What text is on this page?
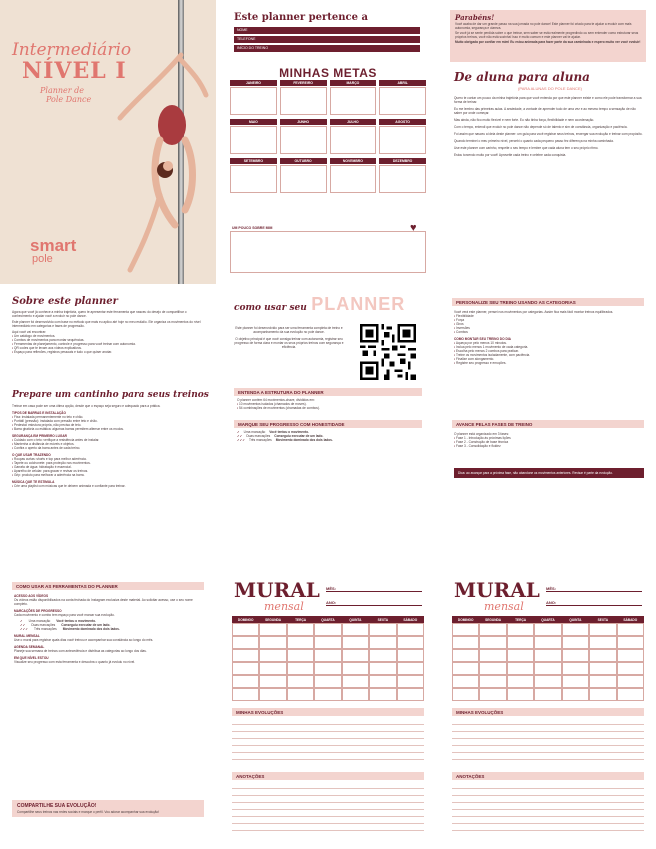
Intermediário
NÍVEL I
Planner de
Pole Dance
smart
pole
Este planner pertence a
NOME
TELEFONE
INÍCIO DO TREINO
MINHAS METAS
JANEIRO	FEVEREIRO	MARÇO	ABRIL
MAIO	JUNHO	JULHO	AGOSTO
SETEMBRO	OUTUBRO	NOVEMBRO	DEZEMBRO
UM POUCO SOBRE MIM	♥
Parabéns!
Você acaba de dar um grande passo na sua jornada no pole dance! Este planner foi criado para te ajudar a evoluir com mais autonomia, segurança e clareza.
Se você já se sente perdida sobre o que treinar, sem saber se está realmente progredindo ou sem entender como estruturar seus próprios treinos, você não está sozinha! Isso é muito comum e este planner vai te ajudar.
Muito obrigada por confiar em mim! Eu estou animada para fazer parte da sua caminhada e espero muito ver você evoluir!
De aluna para aluna
(PARA ALUNAS DO POLE DANCE)

Quero te contar um pouco da minha trajetória para que você entenda por que este planner existe e como ele pode transformar a sua forma de treinar.

Eu me lembro das primeiras aulas. A ansiedade, a vontade de aprender tudo de uma vez e ao mesmo tempo a sensação de não saber por onde começar.

Mas ainda, não fico muito flexível e nem forte. Eu não tinha força, flexibilidade e nem coordenação.

Com o tempo, entendi que evoluir no pole dance não depende só de talento e sim de constância, organização e paciência.

Foi assim que nasceu a ideia deste planner: um guia para você registrar seus treinos, enxergar sua evolução e treinar com propósito.

Quando terminei o meu primeiro nível, percebi o quanto cada pequeno passo fez diferença na minha caminhada.

Use este planner com carinho, respeite o seu tempo e lembre que cada aluna tem o seu próprio ritmo.

Estou torcendo muito por você! Aproveite cada treino e celebre cada conquista.

Sobre este planner

Agora que você já conhece a minha trajetória, quero te apresentar este ferramenta que nasceu do desejo de compartilhar o conhecimento e ajudar você a evoluir no pole dance.

Este planner foi desenvolvido com base no método que mais eu aplico até hoje no meu estúdio. Ele organiza os movimentos do nível intermediário em categorias e fases de progressão.

Aqui você vai encontrar:

▪ Um catálogo de movimentos.

▪ Combos de movimentos para montar sequências.

▪ Ferramentas de planejamento, controle e progresso para você treinar com autonomia.

▪ QR codes que te levam aos vídeos explicativos.

▪ Espaço para reflexões, registros pessoais e tudo o que quiser anotar.

Prepare um cantinho para seus treinos

Treinar em casa pode ser uma ótima opção, desde que o espaço seja seguro e adequado para a prática.

TIPOS DE BARRAS E INSTALAÇÃO

▪ Fixa: instalada permanentemente no teto e chão.

▪ Portátil (pressão): instalada com pressão entre teto e chão.

▪ Pedestal: estrutura própria, não precisa de teto.

▪ Barra giratória ou estática: algumas barras permitem alternar entre os modos.

SEGURANÇA EM PRIMEIRO LUGAR

▪ Cuidado com o teto: verifique a resistência antes de instalar.

▪ Mantenha a distância de móveis e objetos.

▪ Confira o aperto da barra antes de cada treino.

O QUE USAR TRAZENDO

▪ Roupas curtas: shorts e top para melhor aderência.

▪ Tapete ou colchonete: para proteção nos movimentos.

▪ Garrafa de água: hidratação é essencial.

▪ Aparelho de celular: para gravar e revisar os treinos.

▪ Grip: produto para melhorar a aderência na barra.

MÚSICA QUE TE ESTIMULA

▪ Crie uma playlist com músicas que te deixem animada e confiante para treinar.

como usar seu PLANNER

Este planner foi desenvolvido para ser uma ferramenta completa de treino e acompanhamento da sua evolução no pole dance.

O objetivo principal é que você consiga treinar com autonomia, registrar seu progresso de forma clara e montar os seus próprios treinos com segurança e eficiência.

ENTENDA A ESTRUTURA DO PLANNER

O planner contém 64 movimentos-chave, divididos em:

▪ 10 movimentos isolados (chamados de moves).

▪ 54 combinações de movimentos (chamadas de combos).

MARQUE SEU PROGRESSO COM HONESTIDADE
✓ Uma marcação Você tentou o movimento.
✓✓ Duas marcações Conseguiu executar de um lado.
✓✓✓ Três marcações Movimento dominado dos dois lados.
PERSONALIZE SEU TREINO USANDO AS CATEGORIAS

Você verá este planner, pensei nos movimentos por categorias. Assim fica mais fácil montar treinos equilibrados.

▪ Flexibilidade

▪ Força

▪ Giros

▪ Inversões

▪ Combos

COMO MONTAR SEU TREINO DO DIA

▪ Aqueça por pelo menos 10 minutos.

▪ Inclua pelo menos 1 movimento de cada categoria.

▪ Escolha pelo menos 2 combos para praticar.

▪ Treine os movimentos isoladamente, com paciência.

▪ Finalize com alongamento.

▪ Registre seu progresso e emoções.

AVANCE PELAS FASES DE TREINO

O planner está organizado em 3 fases:

▪ Fase 1 - Introdução às próximas lições

▪ Fase 2 - Construção de base técnica

▪ Fase 3 - Consolidação e fluidez

Dica: ao avançar para a próxima fase, não abandone os movimentos anteriores. Revisar é parte da evolução.

COMO USAR AS FERRAMENTAS DO PLANNER

ACESSO AOS VÍDEOS

Os vídeos estão disponibilizados na conta fechada do Instagram exclusiva deste material. Ao solicitar acesso, use o seu nome completo.

MARCAÇÕES DE PROGRESSO

Cada movimento e combo tem espaço para você marcar sua evolução.

✓ Uma marcação Você tentou o movimento.
✓✓ Duas marcações Conseguiu executar de um lado.
✓✓✓ Três marcações Movimento dominado dos dois lados.

MURAL MENSAL

Use o mural para registrar quais dias você treinou e acompanhar sua constância ao longo do mês.

AGENDA SEMANAL

Planeje sua semana de treinos com antecedência e distribua as categorias ao longo dos dias.

EM QUE NÍVEL ESTOU

Visualize seu progresso com esta ferramenta e descubra o quanto já evoluiu no nível.

COMPARTILHE SUA EVOLUÇÃO!

Compartilhe seus treinos nas redes sociais e marque o perfil. Vou adorar acompanhar sua evolução!

MURAL
mensal
MÊS:
ANO:
DOMINGO	SEGUNDA	TERÇA	QUARTA	QUINTA	SEXTA	SÁBADO
MINHAS EVOLUÇÕES
ANOTAÇÕES
MURAL
mensal
MÊS:
ANO:
DOMINGO	SEGUNDA	TERÇA	QUARTA	QUINTA	SEXTA	SÁBADO
MINHAS EVOLUÇÕES
ANOTAÇÕES
